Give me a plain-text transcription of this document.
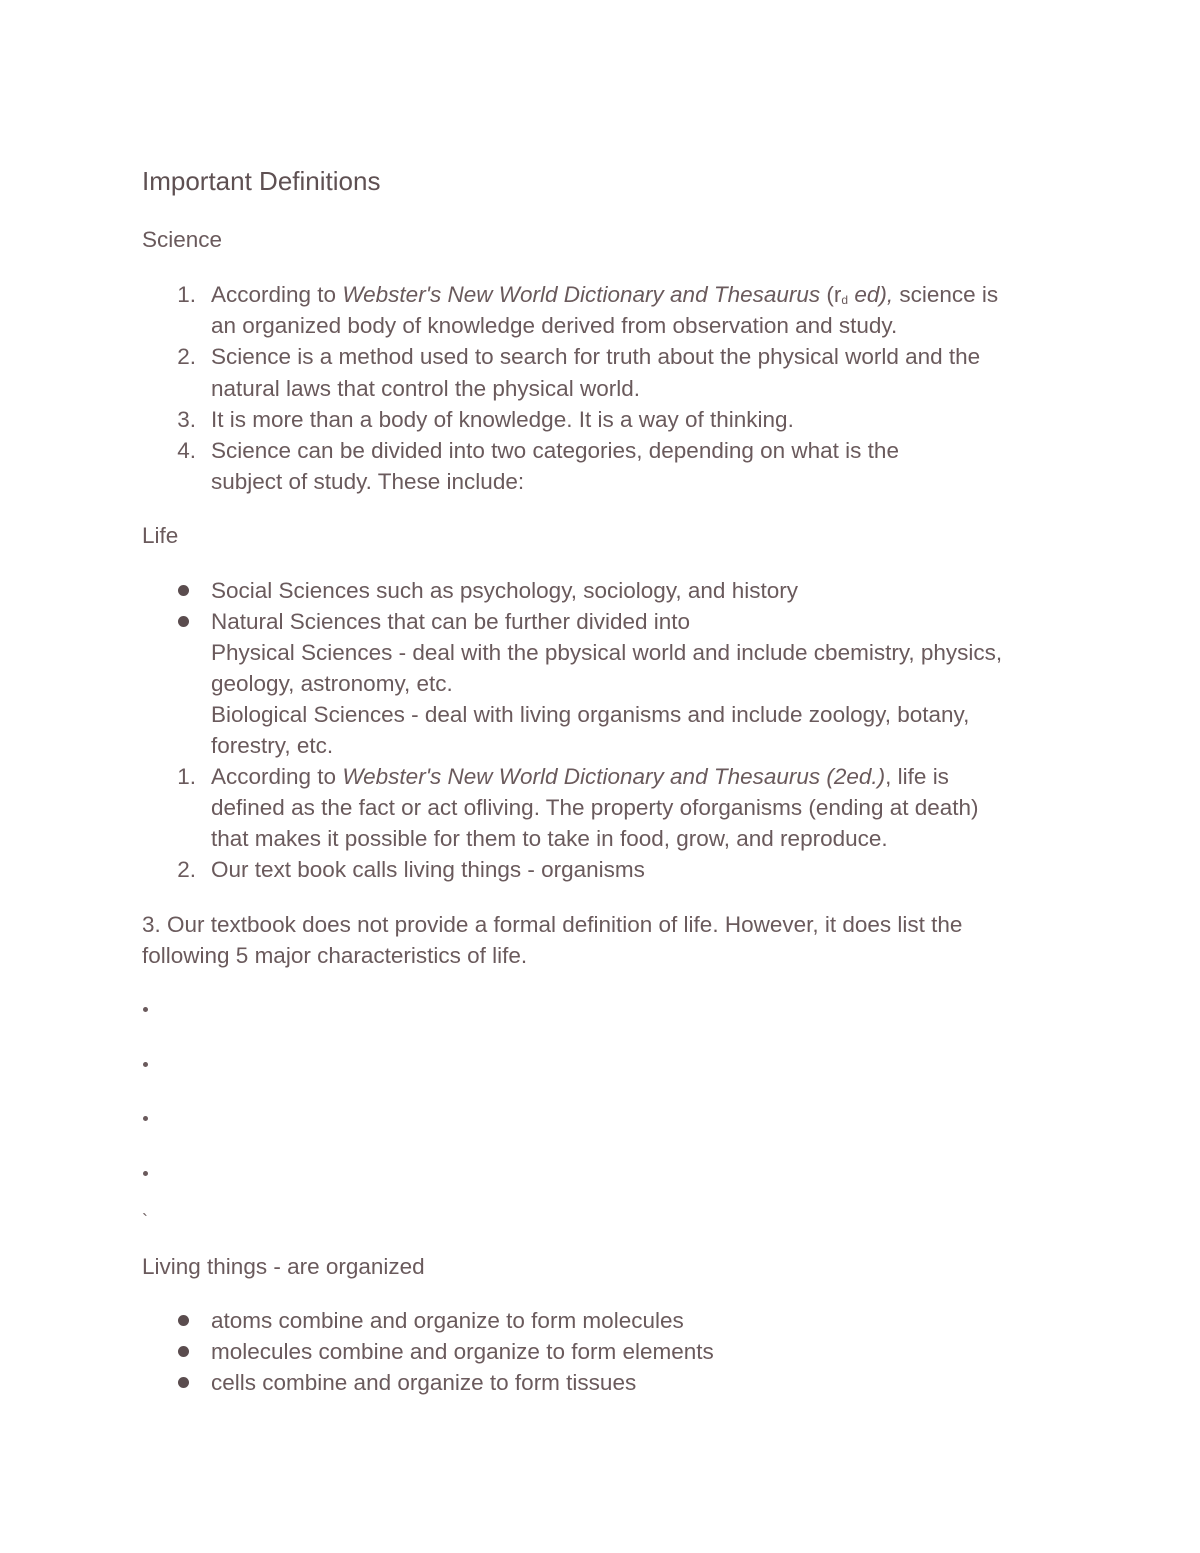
Important Definitions
Science
1. According to Webster's New World Dictionary and Thesaurus (rd ed), science is
an organized body of knowledge derived from observation and study.
2. Science is a method used to search for truth about the physical world and the
natural laws that control the physical world.
3. It is more than a body of knowledge. It is a way of thinking.
4. Science can be divided into two categories, depending on what is the
subject of study. These include:
Life
Social Sciences such as psychology, sociology, and history
Natural Sciences that can be further divided into
Physical Sciences - deal with the pbysical world and include cbemistry, physics,
geology, astronomy, etc.
Biological Sciences - deal with living organisms and include zoology, botany,
forestry, etc.
1. According to Webster's New World Dictionary and Thesaurus (2ed.), life is
defined as the fact or act ofliving. The property oforganisms (ending at death)
that makes it possible for them to take in food, grow, and reproduce.
2. Our text book calls living things - organisms
3. Our textbook does not provide a formal definition of life. However, it does list the
following 5 major characteristics of life.
`
Living things - are organized
atoms combine and organize to form molecules
molecules combine and organize to form elements
cells combine and organize to form tissues
